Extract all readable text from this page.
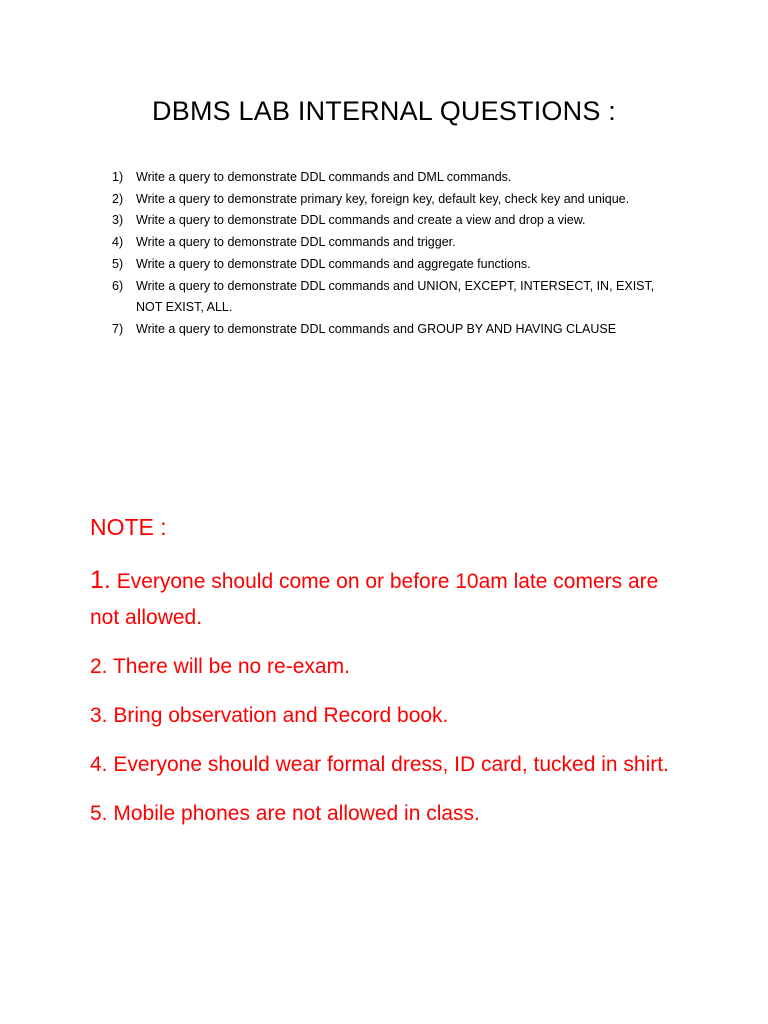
DBMS LAB INTERNAL QUESTIONS :
1) Write a query to demonstrate DDL commands and DML commands.
2) Write a query to demonstrate primary key, foreign key, default key, check key and unique.
3) Write a query to demonstrate DDL commands and create a view and drop a view.
4) Write a query to demonstrate DDL commands and trigger.
5) Write a query to demonstrate DDL commands and aggregate functions.
6) Write a query to demonstrate DDL commands and UNION, EXCEPT, INTERSECT, IN, EXIST, NOT EXIST, ALL.
7) Write a query to demonstrate DDL commands and GROUP BY AND HAVING CLAUSE
NOTE :
1. Everyone should come on or before 10am late comers are not allowed.
2. There will be no re-exam.
3. Bring observation and Record book.
4. Everyone should wear formal dress, ID card, tucked in shirt.
5. Mobile phones are not allowed in class.
